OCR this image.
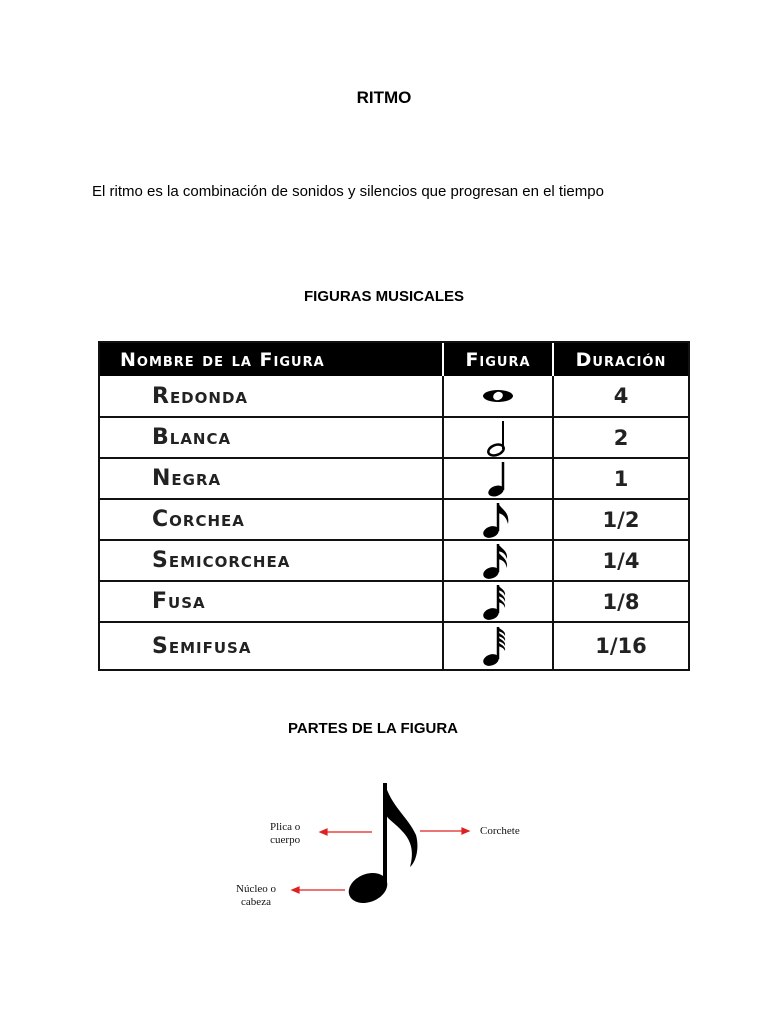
RITMO
El ritmo es la combinación de sonidos y silencios que progresan en el tiempo
FIGURAS MUSICALES
Nombre de la Figura	Figura	Duración
Redonda	4
Blanca	2
Negra	1
Corchea	1/2
Semicorchea	1/4
Fusa	1/8
Semifusa	1/16
PARTES DE LA FIGURA
Plica o
cuerpo
Corchete
Núcleo o
cabeza
